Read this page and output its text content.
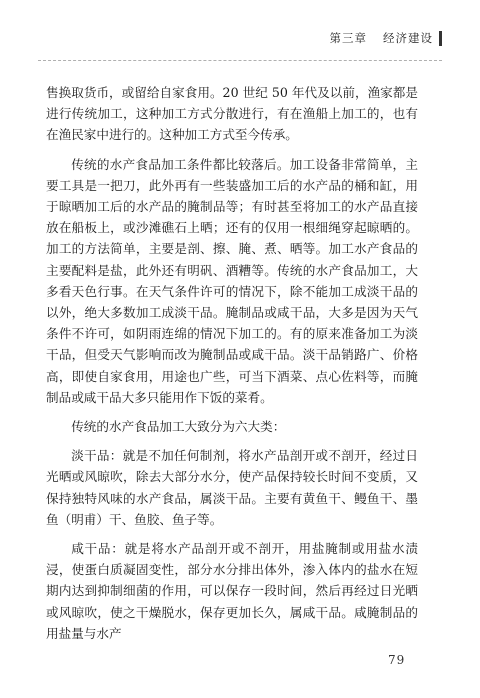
第三章 经济建设

售换取货币，或留给自家食用。20 世纪 50 年代及以前，渔家都是进行传统加工，这种加工方式分散进行，有在渔船上加工的，也有在渔民家中进行的。这种加工方式至今传承。

传统的水产食品加工条件都比较落后。加工设备非常简单，主要工具是一把刀，此外再有一些装盛加工后的水产品的桶和缸，用于晾晒加工后的水产品的腌制品等；有时甚至将加工的水产品直接放在船板上，或沙滩礁石上晒；还有的仅用一根细绳穿起晾晒的。加工的方法简单，主要是剖、擦、腌、煮、晒等。加工水产食品的主要配料是盐，此外还有明矾、酒糟等。传统的水产食品加工，大多看天色行事。在天气条件许可的情况下，除不能加工成淡干品的以外，绝大多数加工成淡干品。腌制品或咸干品，大多是因为天气条件不许可，如阴雨连绵的情况下加工的。有的原来准备加工为淡干品，但受天气影响而改为腌制品或咸干品。淡干品销路广、价格高，即使自家食用，用途也广些，可当下酒菜、点心佐料等，而腌制品或咸干品大多只能用作下饭的菜肴。

传统的水产食品加工大致分为六大类：

淡干品：就是不加任何制剂，将水产品剖开或不剖开，经过日光晒或风晾吹，除去大部分水分，使产品保持较长时间不变质，又保持独特风味的水产食品，属淡干品。主要有黄鱼干、鳗鱼干、墨鱼（明甫）干、鱼胶、鱼子等。

咸干品：就是将水产品剖开或不剖开，用盐腌制或用盐水渍浸，使蛋白质凝固变性，部分水分排出体外，渗入体内的盐水在短期内达到抑制细菌的作用，可以保存一段时间，然后再经过日光晒或风晾吹，使之干燥脱水，保存更加长久，属咸干品。咸腌制品的用盐量与水产

79
